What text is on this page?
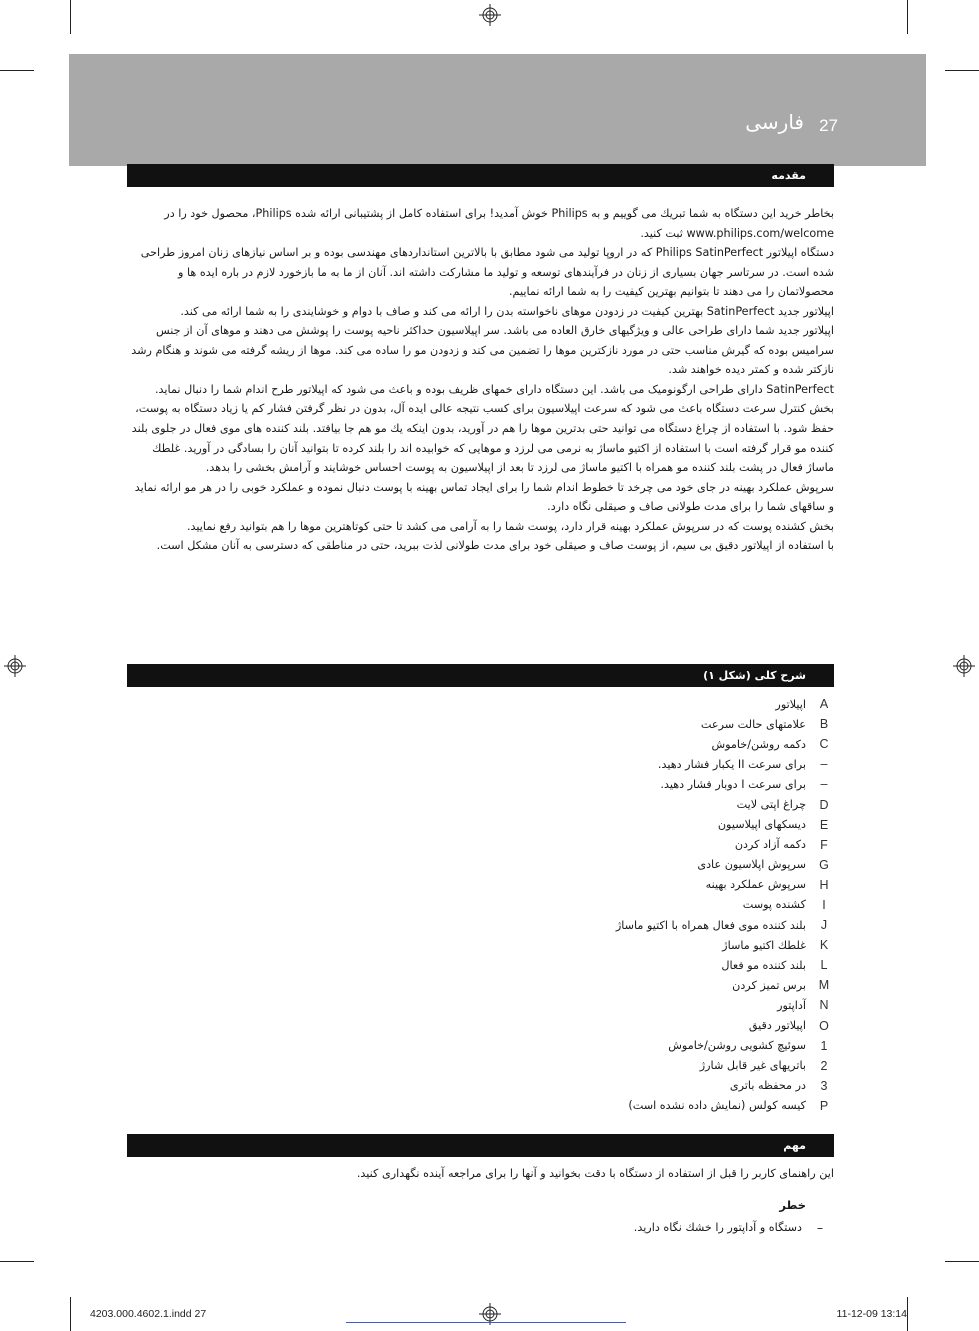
27
فارسی
مقدمه

بخاطر خرید این دستگاه به شما تبریك می گوییم و به Philips خوش آمدید! برای استفاده کامل از پشتیبانی ارائه شده Philips، محصول خود را در www.philips.com/welcome ثبت کنید.

دستگاه اپیلاتور Philips SatinPerfect که در اروپا تولید می شود مطابق با بالاترین استانداردهای مهندسی بوده و بر اساس نیازهای زنان امروز طراحی شده است. در سرتاسر جهان بسیاری از زنان در فرآیندهای توسعه و تولید ما مشارکت داشته اند. آنان از ما به ما بازخورد لازم در باره ایده ها و محصولاتمان را می دهند تا بتوانیم بهترین کیفیت را به شما ارائه نماییم.

اپیلاتور جدید SatinPerfect بهترین کیفیت در زدودن موهای ناخواسته بدن را ارائه می کند و صاف با دوام و خوشایندی را به شما ارائه می کند.

اپیلاتور جدید شما دارای طراحی عالی و ویژگیهای خارق العاده می باشد. سر اپیلاسیون حداکثر ناحیه پوست را پوشش می دهند و موهای آن از جنس سرامیس بوده که گیرش مناسب حتی در مورد نازکترین موها را تضمین می کند و زدودن مو را ساده می کند. موها از ریشه گرفته می شوند و هنگام رشد نازکتر شده و کمتر دیده خواهند شد.

SatinPerfect دارای طراحی ارگونومیک می باشد. این دستگاه دارای خمهای ظریف بوده و باعث می شود که اپیلاتور طرح اندام شما را دنبال نماید. بخش کنترل سرعت دستگاه باعث می شود که سرعت اپیلاسیون برای کسب نتیجه عالی ایده آل، بدون در نظر گرفتن فشار کم یا زیاد دستگاه به پوست، حفظ شود. با استفاده از چراغ دستگاه می توانید حتی بدترین موها را هم در آورید، بدون اینکه یك مو هم جا بیافتد. بلند کننده های موی فعال در جلوی بلند کننده مو قرار گرفته است با استفاده از اکتیو ماساژ به نرمی می لرزد و موهایی که خوابیده اند را بلند کرده تا بتوانید آنان را بسادگی در آورید. غلطك ماساژ فعال در پشت بلند کننده مو همراه با اکتیو ماساژ می لرزد تا بعد از اپیلاسیون به پوست احساس خوشایند و آرامش بخشی را بدهد.

سرپوش عملکرد بهینه در جای خود می چرخد تا خطوط اندام شما را برای ایجاد تماس بهینه با پوست دنبال نموده و عملکرد خوبی را در هر مو ارائه نماید و ساقهای شما را برای مدت طولانی صاف و صیقلی نگاه دارد.

بخش کشنده پوست که در سرپوش عملکرد بهینه قرار دارد، پوست شما را به آرامی می کشد تا حتی کوتاهترین موها را هم بتوانید رفع نمایید.

با استفاده از اپیلاتور دقیق بی سیم، از پوست صاف و صیقلی خود برای مدت طولانی لذت ببرید، حتی در مناطقی که دسترسی به آنان مشکل است.

شرح کلی (شکل ۱)
A
اپیلاتور
B
علامتهای حالت سرعت
C
دکمه روشن/خاموش
–
برای سرعت II یکبار فشار دهید.
–
برای سرعت I دوبار فشار دهید.
D
چراغ اپتی لایت
E
دیسکهای اپیلاسیون
F
دکمه آزاد کردن
G
سرپوش اپلاسیون عادی
H
سرپوش عملکرد بهینه
I
کشنده پوست
J
بلند کننده موی فعال همراه با اکتیو ماساژ
K
غلطك اکتیو ماساژ
L
بلند کننده مو فعال
M
برس تمیز کردن
N
آداپتور
O
اپیلاتور دقیق
1
سوئیچ کشویی روشن/خاموش
2
باتریهای غیر قابل شارژ
3
در محفظه باتری
P
کیسه کولس (نمایش داده نشده است)
مهم
این راهنمای کاربر را قبل از استفاده از دستگاه با دقت بخوانید و آنها را برای مراجعه آینده نگهداری کنید.
خطر
–
دستگاه و آداپتور را خشك نگاه دارید.
4203.000.4602.1.indd 27	11-12-09 13:14
